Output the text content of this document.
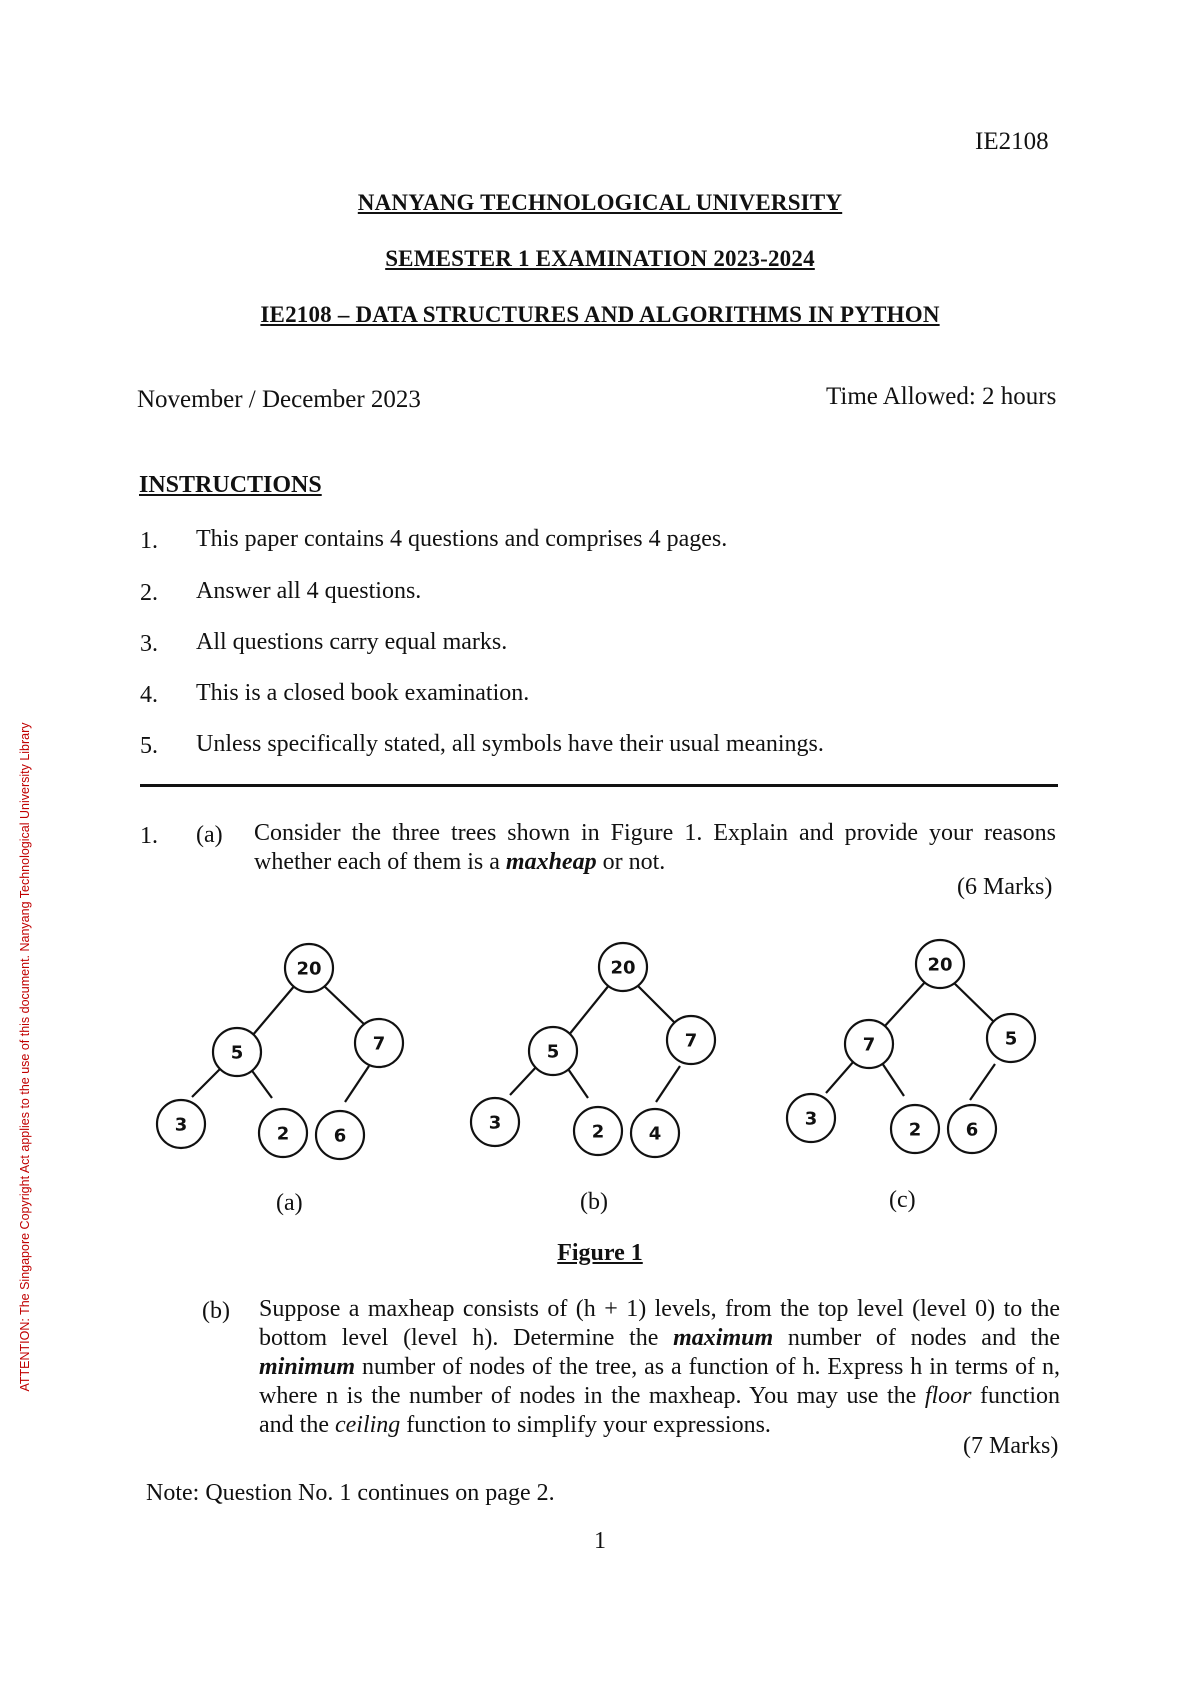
IE2108
NANYANG TECHNOLOGICAL UNIVERSITY
SEMESTER 1 EXAMINATION 2023-2024
IE2108 – DATA STRUCTURES AND ALGORITHMS IN PYTHON
November / December 2023	Time Allowed: 2 hours
INSTRUCTIONS
1. This paper contains 4 questions and comprises 4 pages.
2. Answer all 4 questions.
3. All questions carry equal marks.
4. This is a closed book examination.
5. Unless specifically stated, all symbols have their usual meanings.
1. (a) Consider the three trees shown in Figure 1. Explain and provide your reasons
whether each of them is a maxheap or not.
(6 Marks)
20
5	7
3	2 6
20
5
7
3	2 4
20
7	5
3
2 6
(a)	(b)	(c)
Figure 1
(b) Suppose a maxheap consists of (h + 1) levels, from the top level (level 0) to the bottom level (level h). Determine the maximum number of nodes and the minimum number of nodes of the tree, as a function of h. Express h in terms of n, where n is the number of nodes in the maxheap. You may use the floor function
and the ceiling function to simplify your expressions.
(7 Marks)
Note: Question No. 1 continues on page 2.
1
ATTENTION: The Singapore Copyright Act applies to the use of this document. Nanyang Technological University Library
